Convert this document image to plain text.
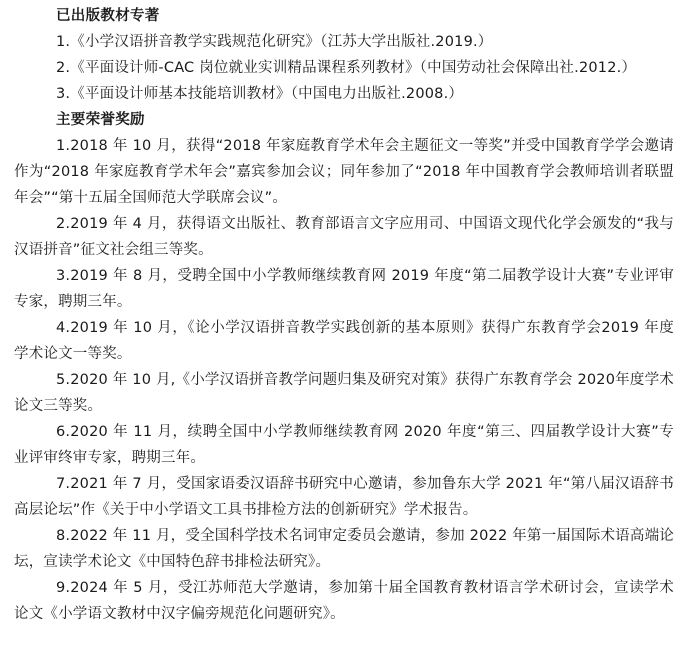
已出版教材专著

1.《小学汉语拼音教学实践规范化研究》（江苏大学出版社.2019.）

2.《平面设计师-CAC 岗位就业实训精品课程系列教材》（中国劳动社会保障出社.2012.）

3.《平面设计师基本技能培训教材》（中国电力出版社.2008.）

主要荣誉奖励

1.2018 年 10 月，获得“2018 年家庭教育学术年会主题征文一等奖”并受中国教育学学会邀请作为“2018 年家庭教育学术年会”嘉宾参加会议；同年参加了“2018 年中国教育学会教师培训者联盟年会”“第十五届全国师范大学联席会议”。

2.2019 年 4 月，获得语文出版社、教育部语言文字应用司、中国语文现代化学会颁发的“我与汉语拼音”征文社会组三等奖。

3.2019 年 8 月，受聘全国中小学教师继续教育网 2019 年度“第二届教学设计大赛”专业评审专家，聘期三年。

4.2019 年 10 月，《论小学汉语拼音教学实践创新的基本原则》获得广东教育学会2019 年度学术论文一等奖。

5.2020 年 10 月,《小学汉语拼音教学问题归集及研究对策》获得广东教育学会 2020年度学术论文三等奖。

6.2020 年 11 月，续聘全国中小学教师继续教育网 2020 年度“第三、四届教学设计大赛”专业评审终审专家，聘期三年。

7.2021 年 7 月，受国家语委汉语辞书研究中心邀请，参加鲁东大学 2021 年“第八届汉语辞书高层论坛”作《关于中小学语文工具书排检方法的创新研究》学术报告。

8.2022 年 11 月，受全国科学技术名词审定委员会邀请，参加 2022 年第一届国际术语高端论坛，宣读学术论文《中国特色辞书排检法研究》。

9.2024 年 5 月，受江苏师范大学邀请，参加第十届全国教育教材语言学术研讨会，宣读学术论文《小学语文教材中汉字偏旁规范化问题研究》。
